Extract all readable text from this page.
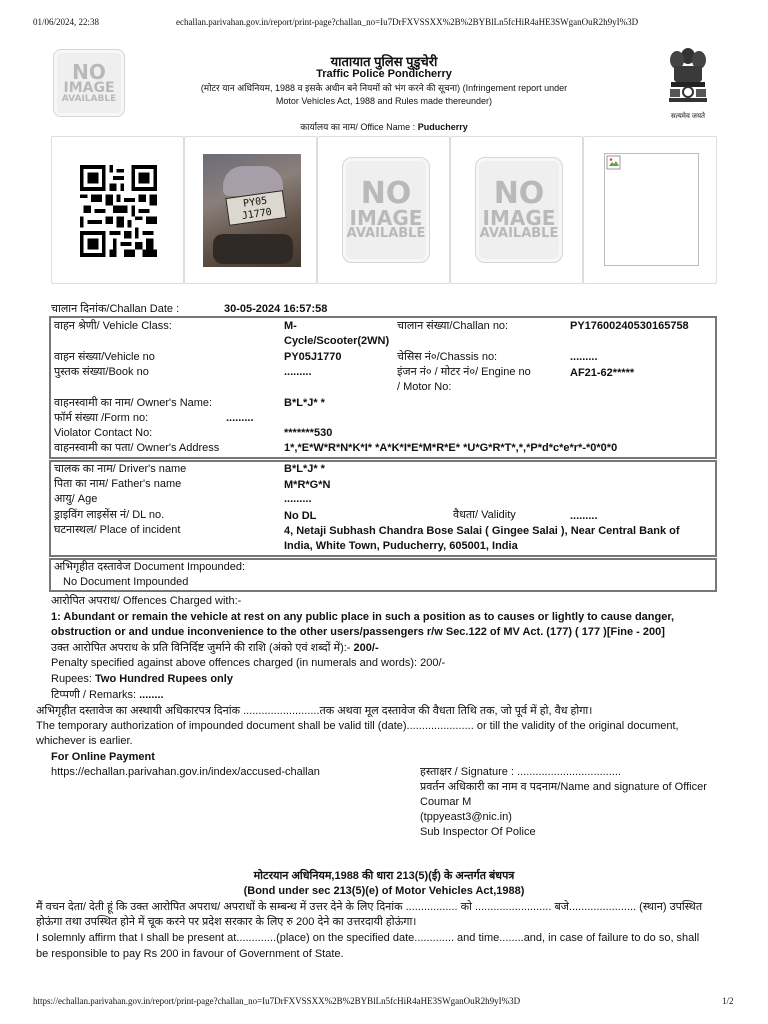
01/06/2024, 22:38	echallan.parivahan.gov.in/report/print-page?challan_no=Iu7DrFXVSSXX%2B%2BYBlLn5fcHiR4aHE3SWganOuR2h9yI%3D
NO
IMAGE
AVAILABLE
सत्यमेव जयते
यातायात पुलिस पुडुचेरी
Traffic Police Pondicherry
(मोटर यान अधिनियम, 1988 व इसके अधीन बने नियमों को भंग करने की सूचना) (Infringement report under
Motor Vehicles Act, 1988 and Rules made thereunder)
कार्यालय का नाम/ Office Name : Puducherry
PY05
J1770
NO
IMAGE
AVAILABLE
NO
IMAGE
AVAILABLE
चालान दिनांक/Challan Date :	30-05-2024 16:57:58
वाहन श्रेणी/ Vehicle Class:	M-
Cycle/Scooter(2WN)
चालान संख्या/Challan no:	PY17600240530165758
वाहन संख्या/Vehicle no	PY05J1770	चेसिस नं०/Chassis no:	.........
पुस्तक संख्या/Book no	.........	इंजन नं० / मोटर नं०/ Engine no
/ Motor No:
AF21-62*****
वाहनस्वामी का नाम/ Owner's Name:	B*L*J* *
फॉर्म संख्या /Form no:	.........
Violator Contact No:	*******530
वाहनस्वामी का पता/ Owner's Address	1*,*E*W*R*N*K*I* *A*K*I*E*M*R*E* *U*G*R*T*,*,*P*d*c*e*r*-*0*0*0
चालक का नाम/ Driver's name	B*L*J* *
पिता का नाम/ Father's name	M*R*G*N
आयु/ Age	.........
ड्राइविंग लाइसेंस नं/ DL no.	No DL	वैधता/ Validity	.........
घटनास्थल/ Place of incident	4, Netaji Subhash Chandra Bose Salai ( Gingee Salai ), Near Central Bank of
India, White Town, Puducherry, 605001, India
अभिगृहीत दस्तावेज Document Impounded:
No Document Impounded
आरोपित अपराध/ Offences Charged with:-
1: Abundant or remain the vehicle at rest on any public place in such a position as to causes or lightly to cause danger,
obstruction or and undue inconvenience to the other users/passengers r/w Sec.122 of MV Act. (177) ( 177 )[Fine - 200]
उक्त आरोपित अपराध के प्रति विनिर्दिष्ट जुर्माने की राशि (अंको एवं शब्दों में):- 200/-
Penalty specified against above offences charged (in numerals and words): 200/-
Rupees: Two Hundred Rupees only
टिप्पणी / Remarks: ........
अभिगृहीत दस्तावेज का अस्थायी अधिकारपत्र दिनांक .........................तक अथवा मूल दस्तावेज की वैधता तिथि तक, जो पूर्व में हो, वैध होगा।
The temporary authorization of impounded document shall be valid till (date)...................... or till the validity of the original document,
whichever is earlier.
For Online Payment
https://echallan.parivahan.gov.in/index/accused-challan	हस्ताक्षर / Signature : ..................................
प्रवर्तन अधिकारी का नाम व पदनाम/Name and signature of Officer
Coumar M
(tppyeast3@nic.in)
Sub Inspector Of Police
मोटरयान अधिनियम,1988 की धारा 213(5)(ई) के अन्तर्गत बंधपत्र
(Bond under sec 213(5)(e) of Motor Vehicles Act,1988)
मैं वचन देता/ देती हूं कि उक्त आरोपित अपराध/ अपराधों के सम्बन्ध में उत्तर देने के लिए दिनांक ................. को ......................... बजे...................... (स्थान) उपस्थित
होऊंगा तथा उपस्थित होने में चूक करने पर प्रदेश सरकार के लिए रु 200 देने का उत्तरदायी होऊंगा।
I solemnly affirm that I shall be present at.............(place) on the specified date............. and time........and, in case of failure to do so, shall
be responsible to pay Rs 200 in favour of Government of State.
https://echallan.parivahan.gov.in/report/print-page?challan_no=Iu7DrFXVSSXX%2B%2BYBlLn5fcHiR4aHE3SWganOuR2h9yI%3D	1/2
